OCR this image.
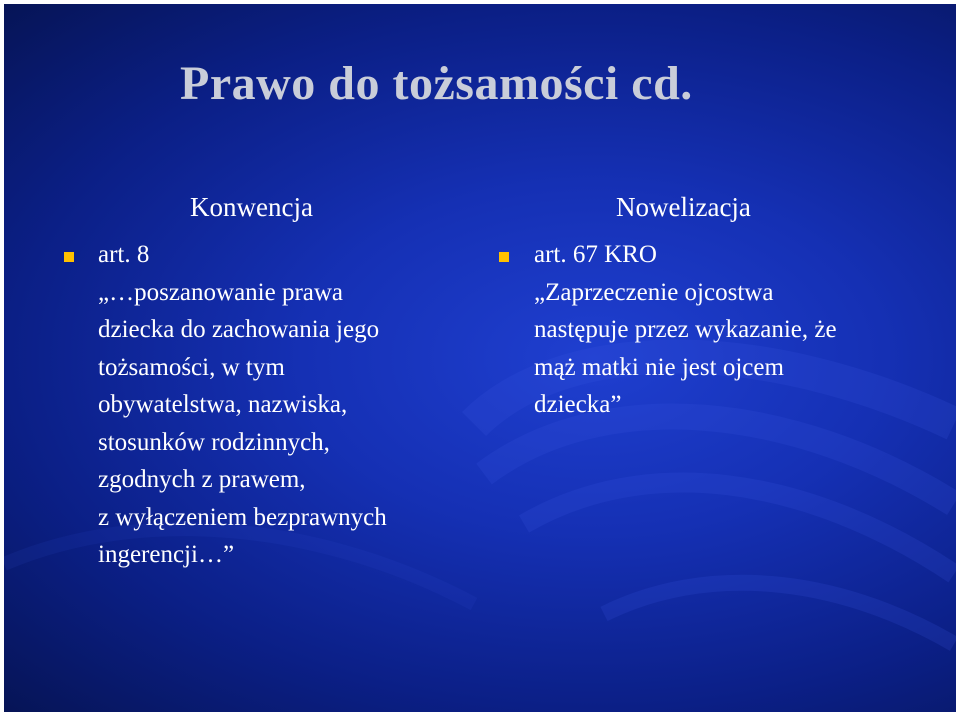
Prawo do tożsamości cd.
Konwencja	Nowelizacja
art. 8
„…poszanowanie prawa
dziecka do zachowania jego
tożsamości, w tym
obywatelstwa, nazwiska,
stosunków rodzinnych,
zgodnych z prawem,
z wyłączeniem bezprawnych
ingerencji…”
art. 67 KRO
„Zaprzeczenie ojcostwa
następuje przez wykazanie, że
mąż matki nie jest ojcem
dziecka”
